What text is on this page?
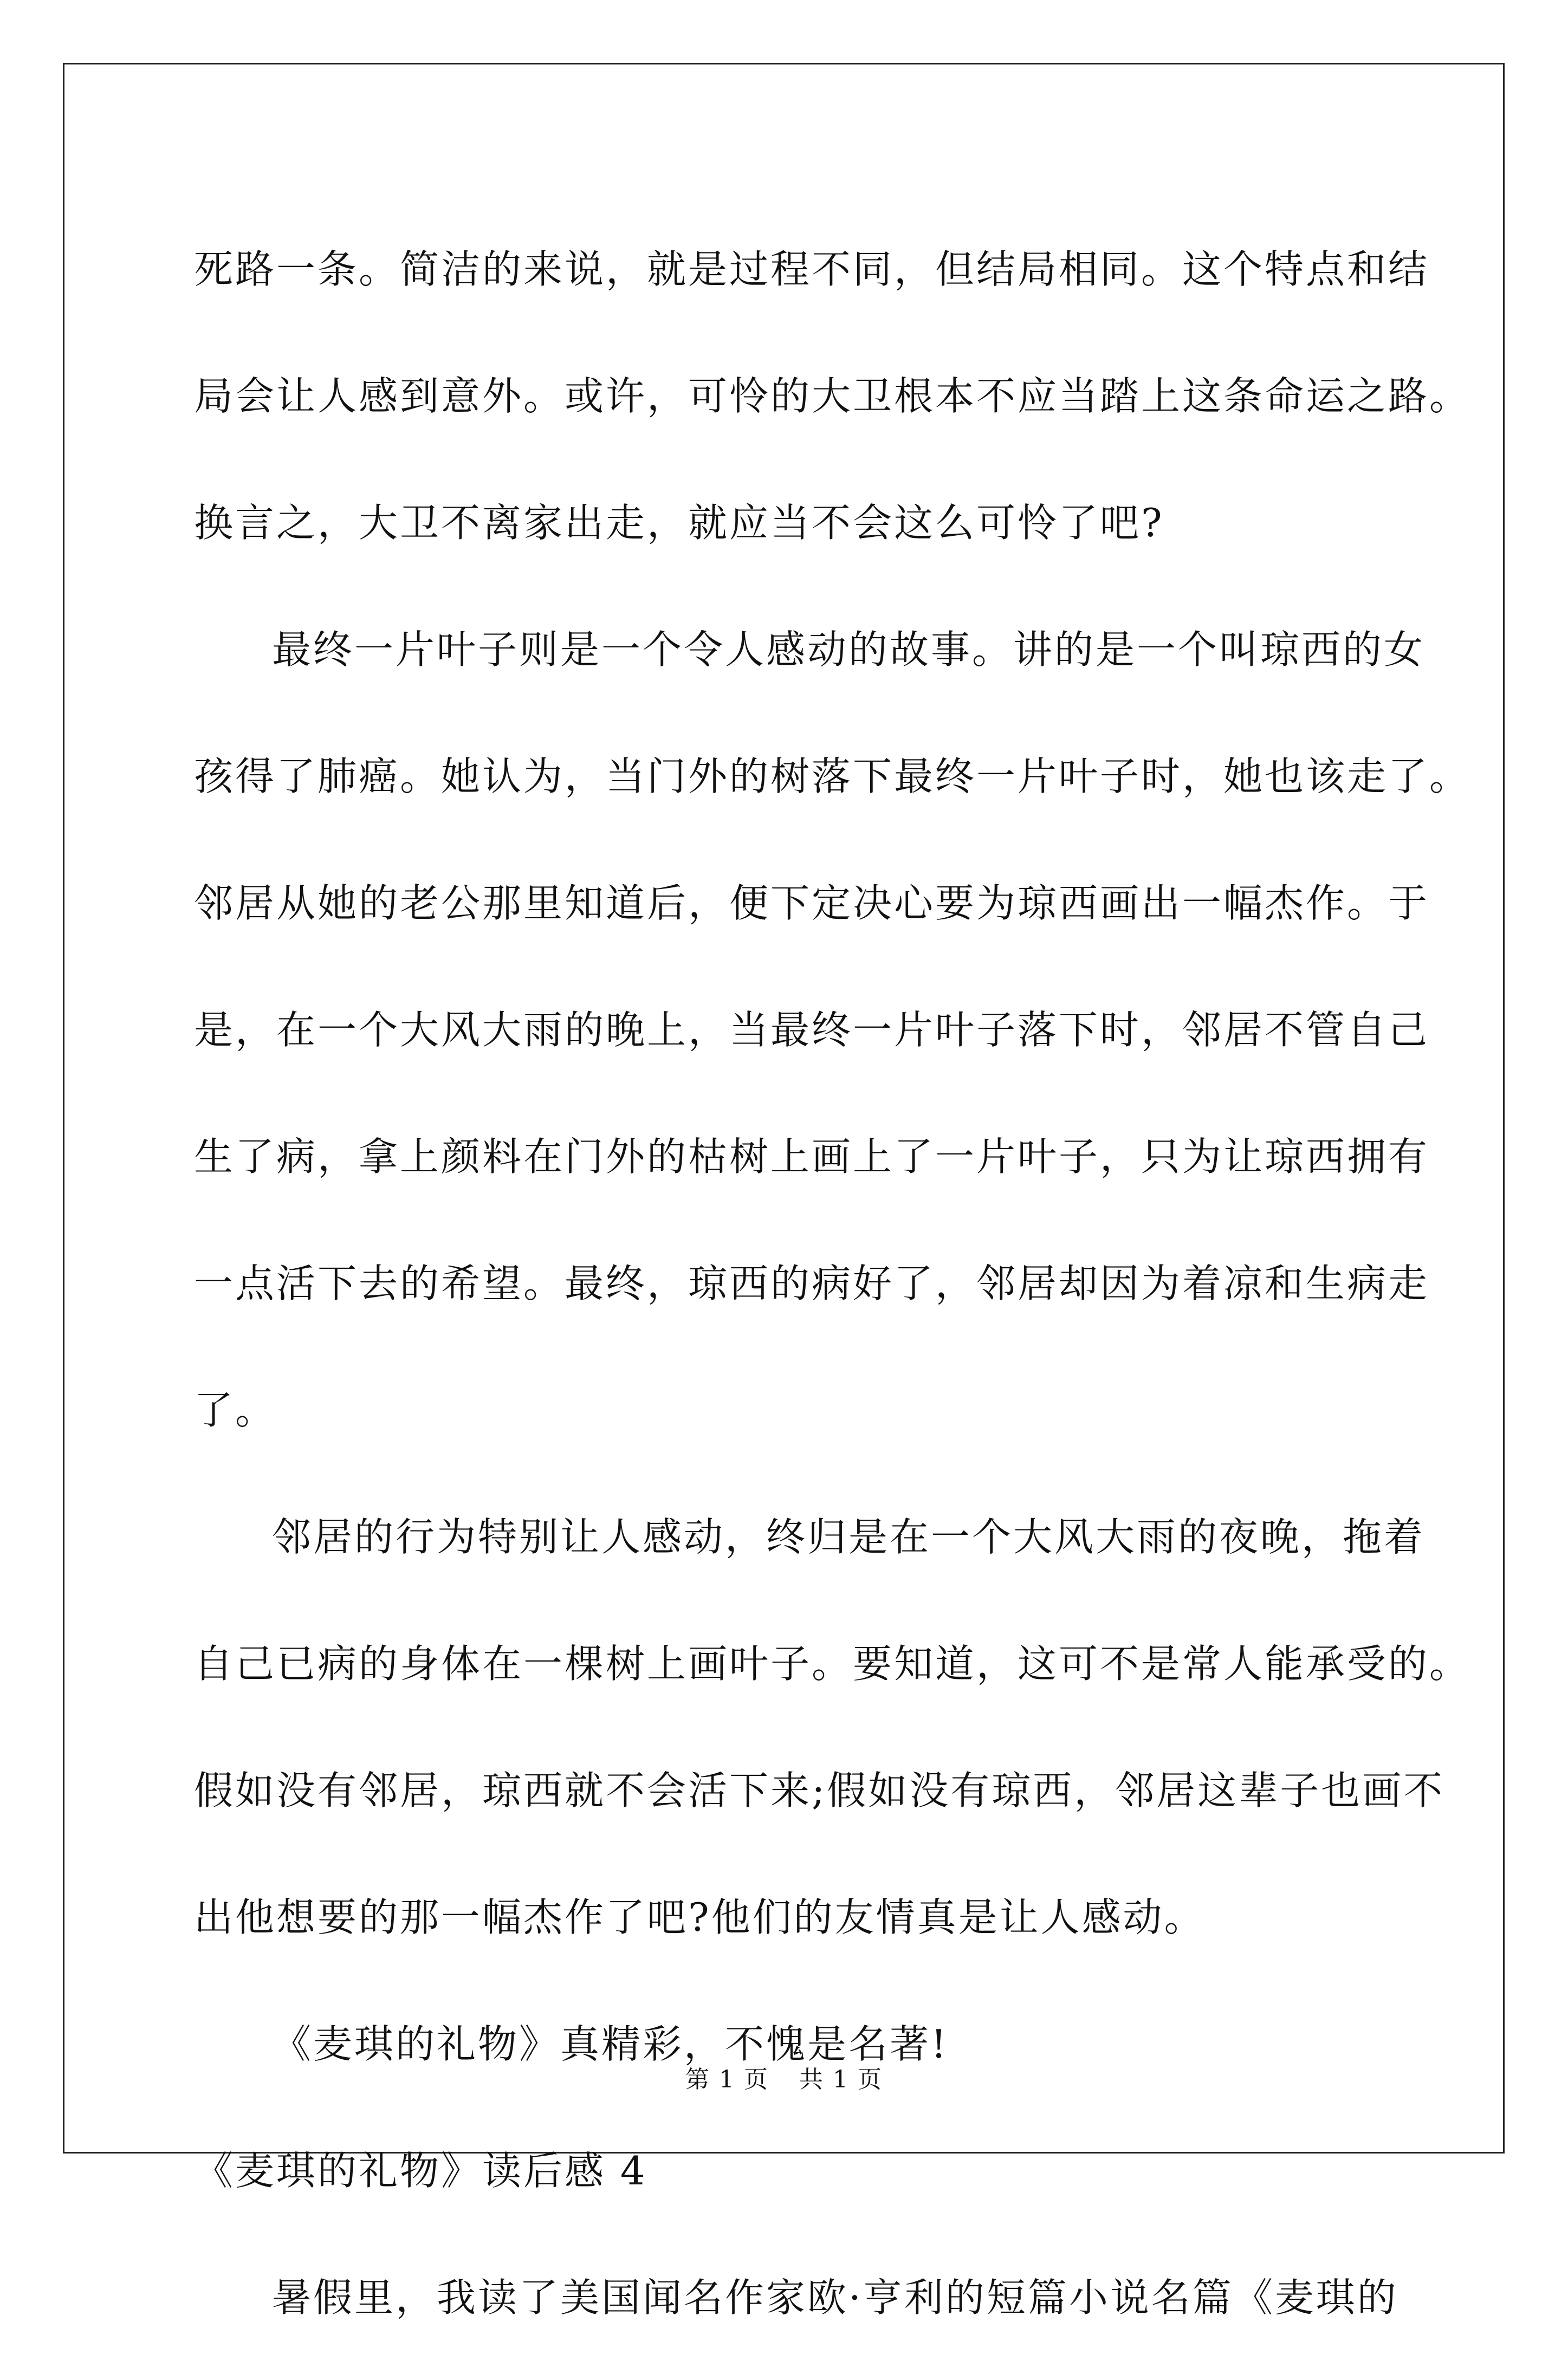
死路一条。简洁的来说，就是过程不同，但结局相同。这个特点和结
局会让人感到意外。或许，可怜的大卫根本不应当踏上这条命运之路。
换言之，大卫不离家出走，就应当不会这么可怜了吧?
最终一片叶子则是一个令人感动的故事。讲的是一个叫琼西的女
孩得了肺癌。她认为，当门外的树落下最终一片叶子时，她也该走了。
邻居从她的老公那里知道后，便下定决心要为琼西画出一幅杰作。于
是，在一个大风大雨的晚上，当最终一片叶子落下时，邻居不管自己
生了病，拿上颜料在门外的枯树上画上了一片叶子，只为让琼西拥有
一点活下去的希望。最终，琼西的病好了，邻居却因为着凉和生病走
了。
邻居的行为特别让人感动，终归是在一个大风大雨的夜晚，拖着
自己已病的身体在一棵树上画叶子。要知道，这可不是常人能承受的。
假如没有邻居，琼西就不会活下来;假如没有琼西，邻居这辈子也画不
出他想要的那一幅杰作了吧?他们的友情真是让人感动。
《麦琪的礼物》真精彩，不愧是名著!
《麦琪的礼物》读后感 4
暑假里，我读了美国闻名作家欧·亨利的短篇小说名篇《麦琪的
第 1 页 共 1 页
